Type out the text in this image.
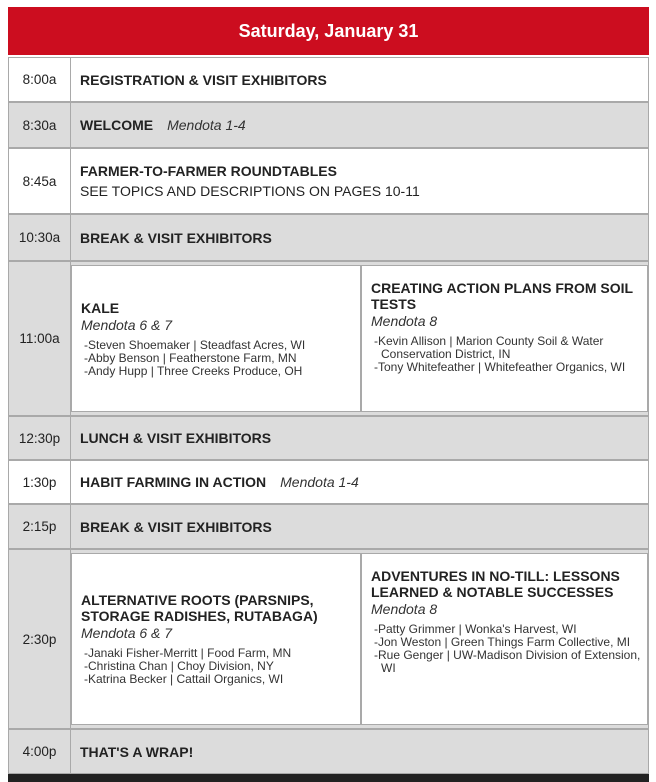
Saturday, January 31
8:00a	REGISTRATION & VISIT EXHIBITORS
8:30a	WELCOME Mendota 1-4
8:45a
FARMER-TO-FARMER ROUNDTABLES
SEE TOPICS AND DESCRIPTIONS ON PAGES 10-11
10:30a	BREAK & VISIT EXHIBITORS
11:00a
KALE
Mendota 6 & 7
-Steven Shoemaker | Steadfast Acres, WI
-Abby Benson | Featherstone Farm, MN
-Andy Hupp | Three Creeks Produce, OH
CREATING ACTION PLANS FROM SOIL TESTS
Mendota 8
-Kevin Allison | Marion County Soil & Water Conservation District, IN
-Tony Whitefeather | Whitefeather Organics, WI
12:30p	LUNCH & VISIT EXHIBITORS
1:30p	HABIT FARMING IN ACTION Mendota 1-4
2:15p	BREAK & VISIT EXHIBITORS
2:30p
ALTERNATIVE ROOTS (PARSNIPS, STORAGE RADISHES, RUTABAGA)
Mendota 6 & 7
-Janaki Fisher-Merritt | Food Farm, MN
-Christina Chan | Choy Division, NY
-Katrina Becker | Cattail Organics, WI
ADVENTURES IN NO-TILL: LESSONS LEARNED & NOTABLE SUCCESSES
Mendota 8
-Patty Grimmer | Wonka's Harvest, WI
-Jon Weston | Green Things Farm Collective, MI
-Rue Genger | UW-Madison Division of Extension, WI
4:00p	THAT'S A WRAP!
